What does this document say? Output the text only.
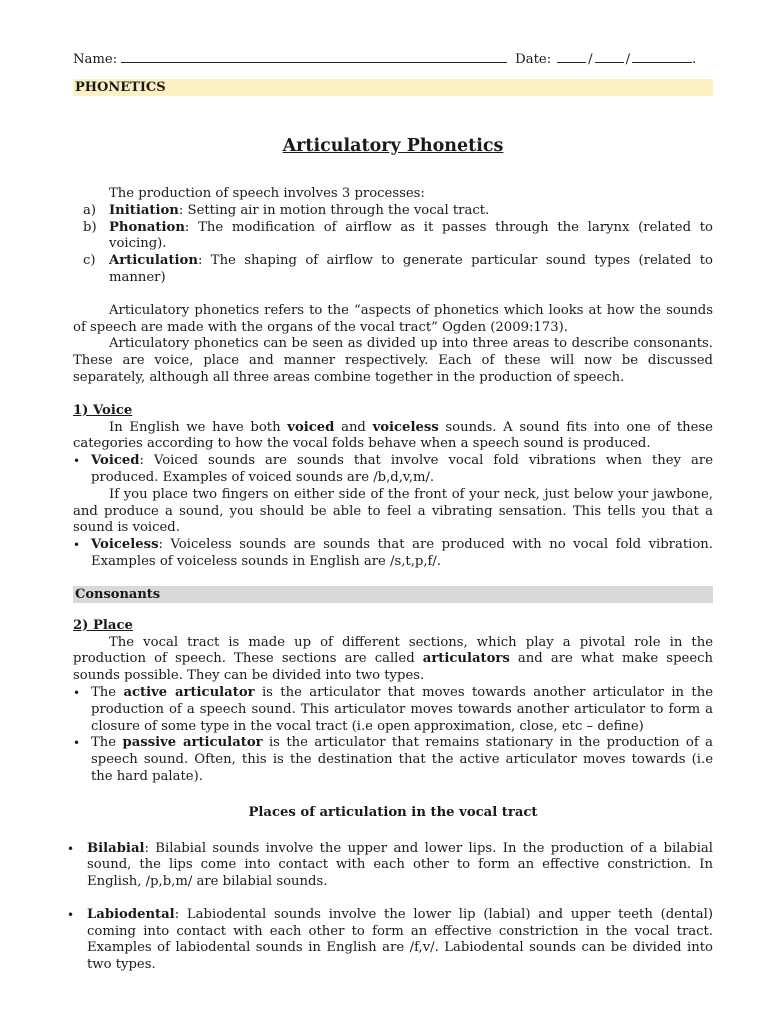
Name:	Date:	/	/	.
PHONETICS
Articulatory Phonetics

The production of speech involves 3 processes:

a) Initiation: Setting air in motion through the vocal tract.
b) Phonation: The modification of airflow as it passes through the larynx (related to voicing).
c)	Articulation: The shaping of airflow to generate particular sound types (related to manner)

Articulatory phonetics refers to the “aspects of phonetics which looks at how the sounds of speech are made with the organs of the vocal tract” Ogden (2009:173).

Articulatory phonetics can be seen as divided up into three areas to describe consonants. These are voice, place and manner respectively. Each of these will now be discussed separately, although all three areas combine together in the production of speech.

1) Voice

In English we have both voiced and voiceless sounds. A sound fits into one of these categories according to how the vocal folds behave when a speech sound is produced.

• Voiced: Voiced sounds are sounds that involve vocal fold vibrations when they are produced. Examples of voiced sounds are /b,d,v,m/.

If you place two fingers on either side of the front of your neck, just below your jawbone, and produce a sound, you should be able to feel a vibrating sensation. This tells you that a sound is voiced.

• Voiceless: Voiceless sounds are sounds that are produced with no vocal fold vibration. Examples of voiceless sounds in English are /s,t,p,f/.
Consonants

2) Place

The vocal tract is made up of different sections, which play a pivotal role in the production of speech. These sections are called articulators and are what make speech sounds possible. They can be divided into two types.

• The active articulator is the articulator that moves towards another articulator in the production of a speech sound. This articulator moves towards another articulator to form a closure of some type in the vocal tract (i.e open approximation, close, etc – define)
• The passive articulator is the articulator that remains stationary in the production of a speech sound. Often, this is the destination that the active articulator moves towards (i.e the hard palate).

Places of articulation in the vocal tract

• Bilabial: Bilabial sounds involve the upper and lower lips. In the production of a bilabial sound, the lips come into contact with each other to form an effective constriction. In English, /p,b,m/ are bilabial sounds.
• Labiodental: Labiodental sounds involve the lower lip (labial) and upper teeth (dental) coming into contact with each other to form an effective constriction in the vocal tract. Examples of labiodental sounds in English are /f,v/. Labiodental sounds can be divided into two types.
